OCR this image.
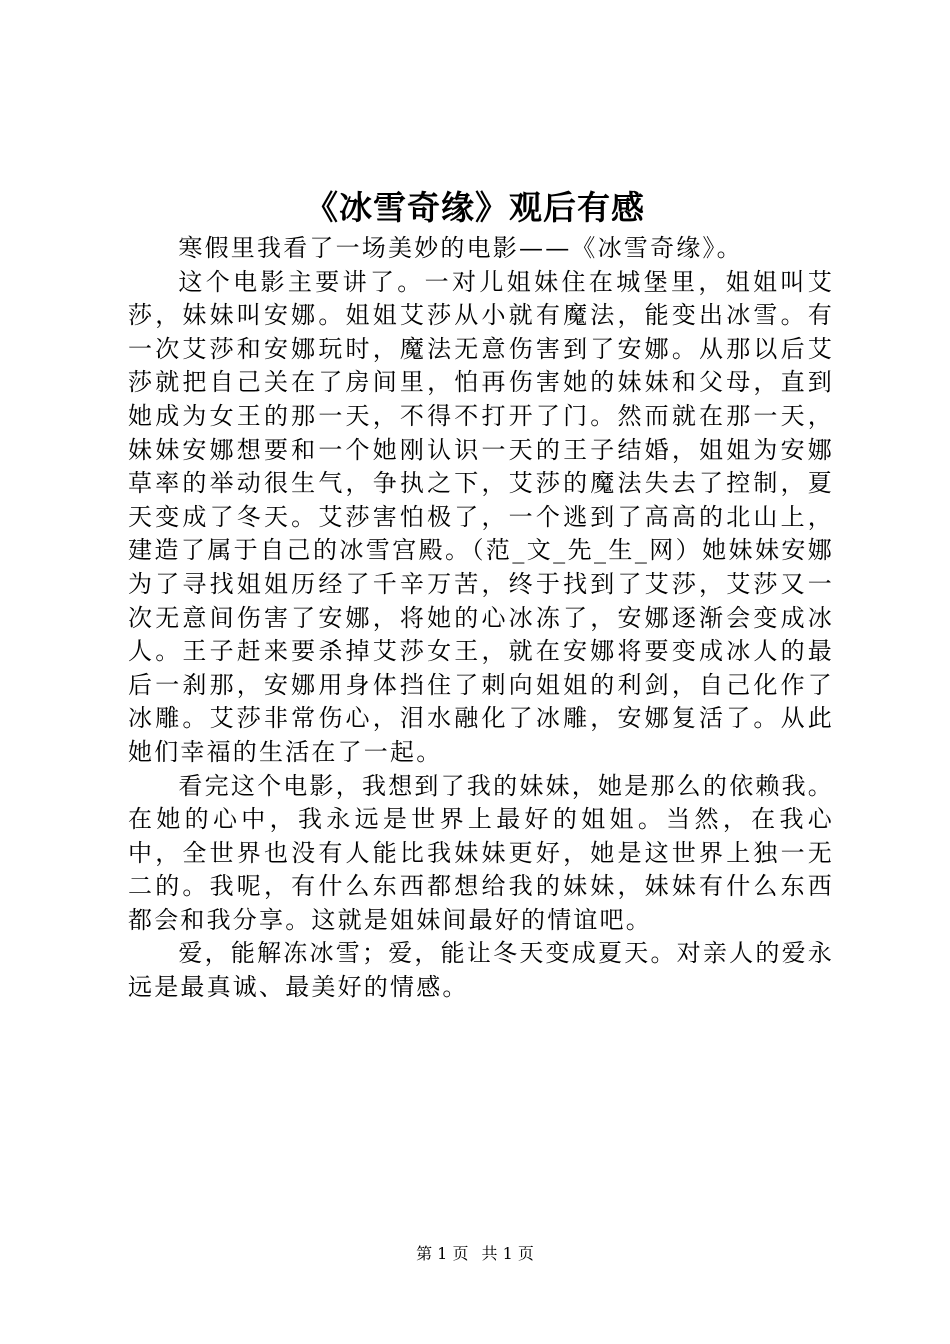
《冰雪奇缘》观后有感

寒假里我看了一场美妙的电影——《冰雪奇缘》。

这个电影主要讲了。一对儿姐妹住在城堡里，姐姐叫艾莎，妹妹叫安娜。姐姐艾莎从小就有魔法，能变出冰雪。有一次艾莎和安娜玩时，魔法无意伤害到了安娜。从那以后艾莎就把自己关在了房间里，怕再伤害她的妹妹和父母，直到她成为女王的那一天，不得不打开了门。然而就在那一天，妹妹安娜想要和一个她刚认识一天的王子结婚，姐姐为安娜草率的举动很生气，争执之下，艾莎的魔法失去了控制，夏天变成了冬天。艾莎害怕极了，一个逃到了高高的北山上，建造了属于自己的冰雪宫殿。（范_文_先_生_网）她妹妹安娜为了寻找姐姐历经了千辛万苦，终于找到了艾莎，艾莎又一次无意间伤害了安娜，将她的心冰冻了，安娜逐渐会变成冰人。王子赶来要杀掉艾莎女王，就在安娜将要变成冰人的最后一刹那，安娜用身体挡住了刺向姐姐的利剑，自己化作了冰雕。艾莎非常伤心，泪水融化了冰雕，安娜复活了。从此她们幸福的生活在了一起。

看完这个电影，我想到了我的妹妹，她是那么的依赖我。在她的心中，我永远是世界上最好的姐姐。当然，在我心中，全世界也没有人能比我妹妹更好，她是这世界上独一无二的。我呢，有什么东西都想给我的妹妹，妹妹有什么东西都会和我分享。这就是姐妹间最好的情谊吧。

爱，能解冻冰雪；爱，能让冬天变成夏天。对亲人的爱永远是最真诚、最美好的情感。

第 1 页 共 1 页
